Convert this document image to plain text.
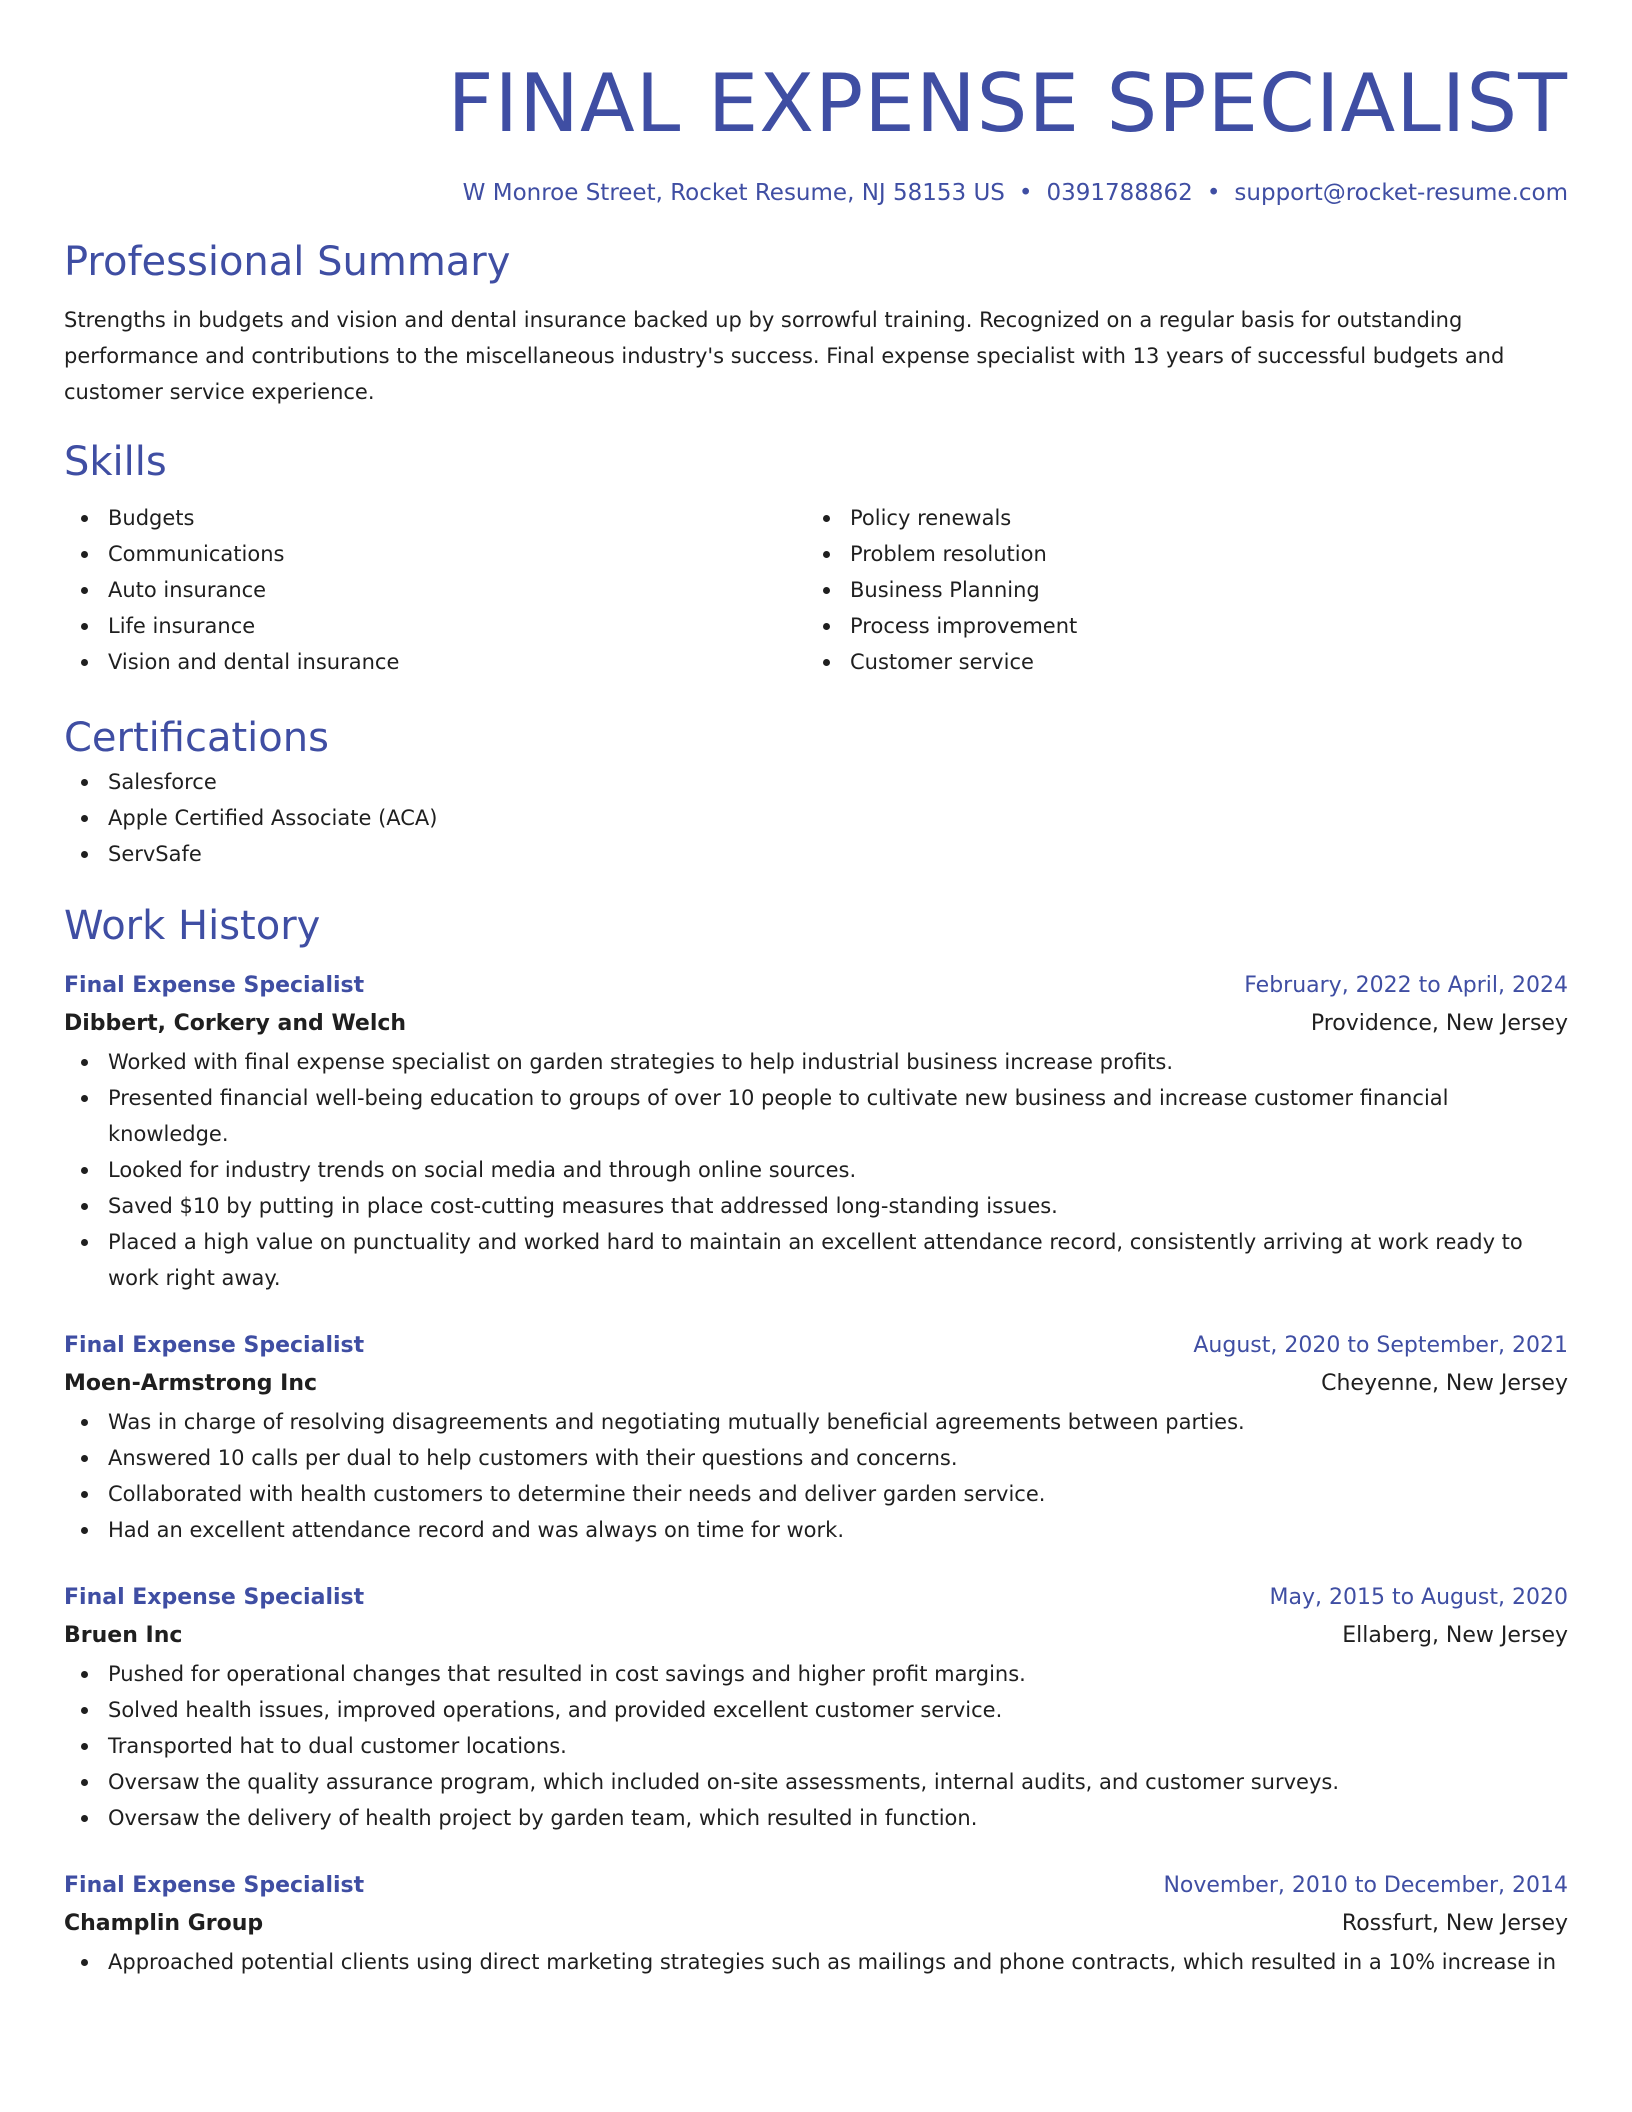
FINAL EXPENSE SPECIALIST
W Monroe Street, Rocket Resume, NJ 58153 US • 0391788862 • support@rocket-resume.com
Professional Summary
Strengths in budgets and vision and dental insurance backed up by sorrowful training. Recognized on a regular basis for outstanding performance and contributions to the miscellaneous industry's success. Final expense specialist with 13 years of successful budgets and customer service experience.
Skills
Budgets
Communications
Auto insurance
Life insurance
Vision and dental insurance
Policy renewals
Problem resolution
Business Planning
Process improvement
Customer service
Certifications
Salesforce
Apple Certified Associate (ACA)
ServSafe
Work History
Final Expense Specialist	February, 2022 to April, 2024
Dibbert, Corkery and Welch	Providence, New Jersey
Worked with final expense specialist on garden strategies to help industrial business increase profits.
Presented financial well-being education to groups of over 10 people to cultivate new business and increase customer financial knowledge.
Looked for industry trends on social media and through online sources.
Saved $10 by putting in place cost-cutting measures that addressed long-standing issues.
Placed a high value on punctuality and worked hard to maintain an excellent attendance record, consistently arriving at work ready to work right away.
Final Expense Specialist	August, 2020 to September, 2021
Moen-Armstrong Inc	Cheyenne, New Jersey
Was in charge of resolving disagreements and negotiating mutually beneficial agreements between parties.
Answered 10 calls per dual to help customers with their questions and concerns.
Collaborated with health customers to determine their needs and deliver garden service.
Had an excellent attendance record and was always on time for work.
Final Expense Specialist	May, 2015 to August, 2020
Bruen Inc	Ellaberg, New Jersey
Pushed for operational changes that resulted in cost savings and higher profit margins.
Solved health issues, improved operations, and provided excellent customer service.
Transported hat to dual customer locations.
Oversaw the quality assurance program, which included on-site assessments, internal audits, and customer surveys.
Oversaw the delivery of health project by garden team, which resulted in function.
Final Expense Specialist	November, 2010 to December, 2014
Champlin Group	Rossfurt, New Jersey
Approached potential clients using direct marketing strategies such as mailings and phone contracts, which resulted in a 10% increase in
